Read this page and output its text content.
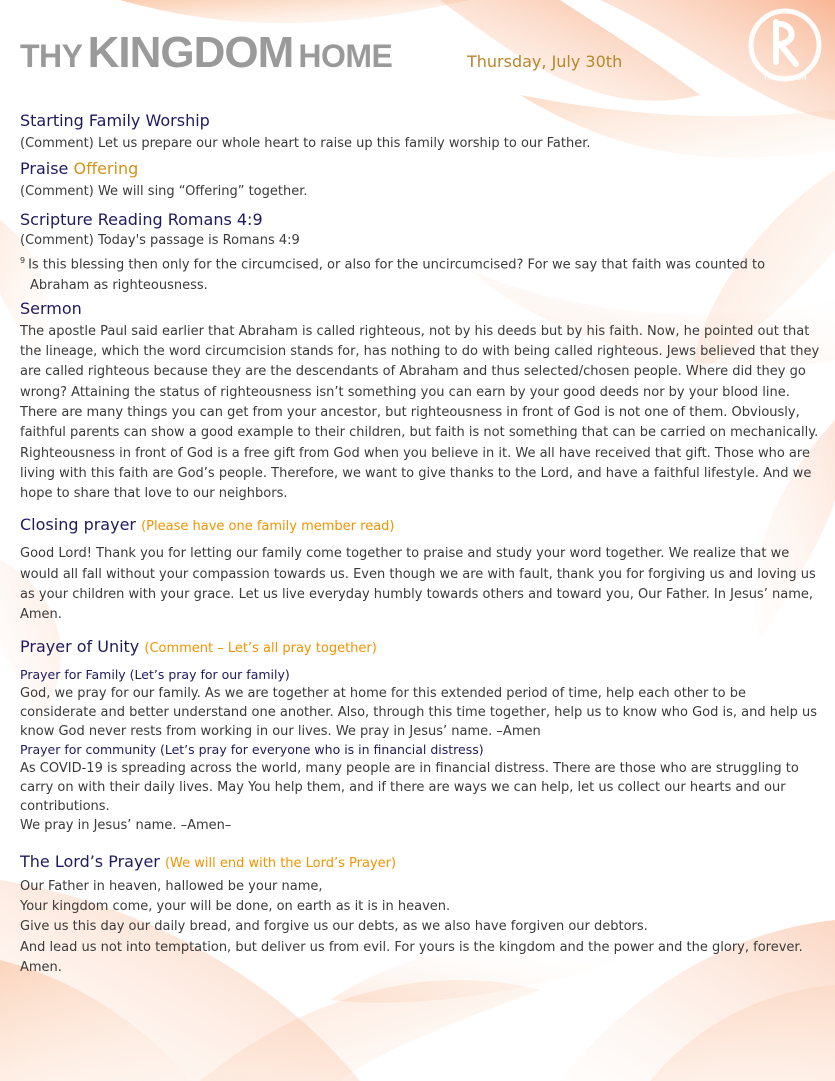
THY KINGDOM HOME	Thursday, July 30th
THY KINGDOM
Starting Family Worship

(Comment) Let us prepare our whole heart to raise up this family worship to our Father.

Praise Offering

(Comment) We will sing “Offering” together.

Scripture Reading Romans 4:9

(Comment) Today's passage is Romans 4:9

$^9$ Is this blessing then only for the circumcised, or also for the uncircumcised? For we say that faith was counted to

Abraham as righteousness.

Sermon

The apostle Paul said earlier that Abraham is called righteous, not by his deeds but by his faith. Now, he pointed out that the lineage, which the word circumcision stands for, has nothing to do with being called righteous. Jews believed that they are called righteous because they are the descendants of Abraham and thus selected/chosen people. Where did they go wrong? Attaining the status of righteousness isn’t something you can earn by your good deeds nor by your blood line. There are many things you can get from your ancestor, but righteousness in front of God is not one of them. Obviously, faithful parents can show a good example to their children, but faith is not something that can be carried on mechanically. Righteousness in front of God is a free gift from God when you believe in it. We all have received that gift. Those who are living with this faith are God’s people. Therefore, we want to give thanks to the Lord, and have a faithful lifestyle. And we hope to share that love to our neighbors.

Closing prayer (Please have one family member read)

Good Lord! Thank you for letting our family come together to praise and study your word together. We realize that we would all fall without your compassion towards us. Even though we are with fault, thank you for forgiving us and loving us as your children with your grace. Let us live everyday humbly towards others and toward you, Our Father. In Jesus’ name, Amen.

Prayer of Unity (Comment – Let’s all pray together)
Prayer for Family (Let’s pray for our family)

God, we pray for our family. As we are together at home for this extended period of time, help each other to be considerate and better understand one another. Also, through this time together, help us to know who God is, and help us know God never rests from working in our lives. We pray in Jesus’ name. –Amen

Prayer for community (Let’s pray for everyone who is in financial distress)

As COVID-19 is spreading across the world, many people are in financial distress. There are those who are struggling to carry on with their daily lives. May You help them, and if there are ways we can help, let us collect our hearts and our contributions.

We pray in Jesus’ name. –Amen–

The Lord’s Prayer (We will end with the Lord’s Prayer)

Our Father in heaven, hallowed be your name,

Your kingdom come, your will be done, on earth as it is in heaven.

Give us this day our daily bread, and forgive us our debts, as we also have forgiven our debtors.

And lead us not into temptation, but deliver us from evil. For yours is the kingdom and the power and the glory, forever. Amen.
